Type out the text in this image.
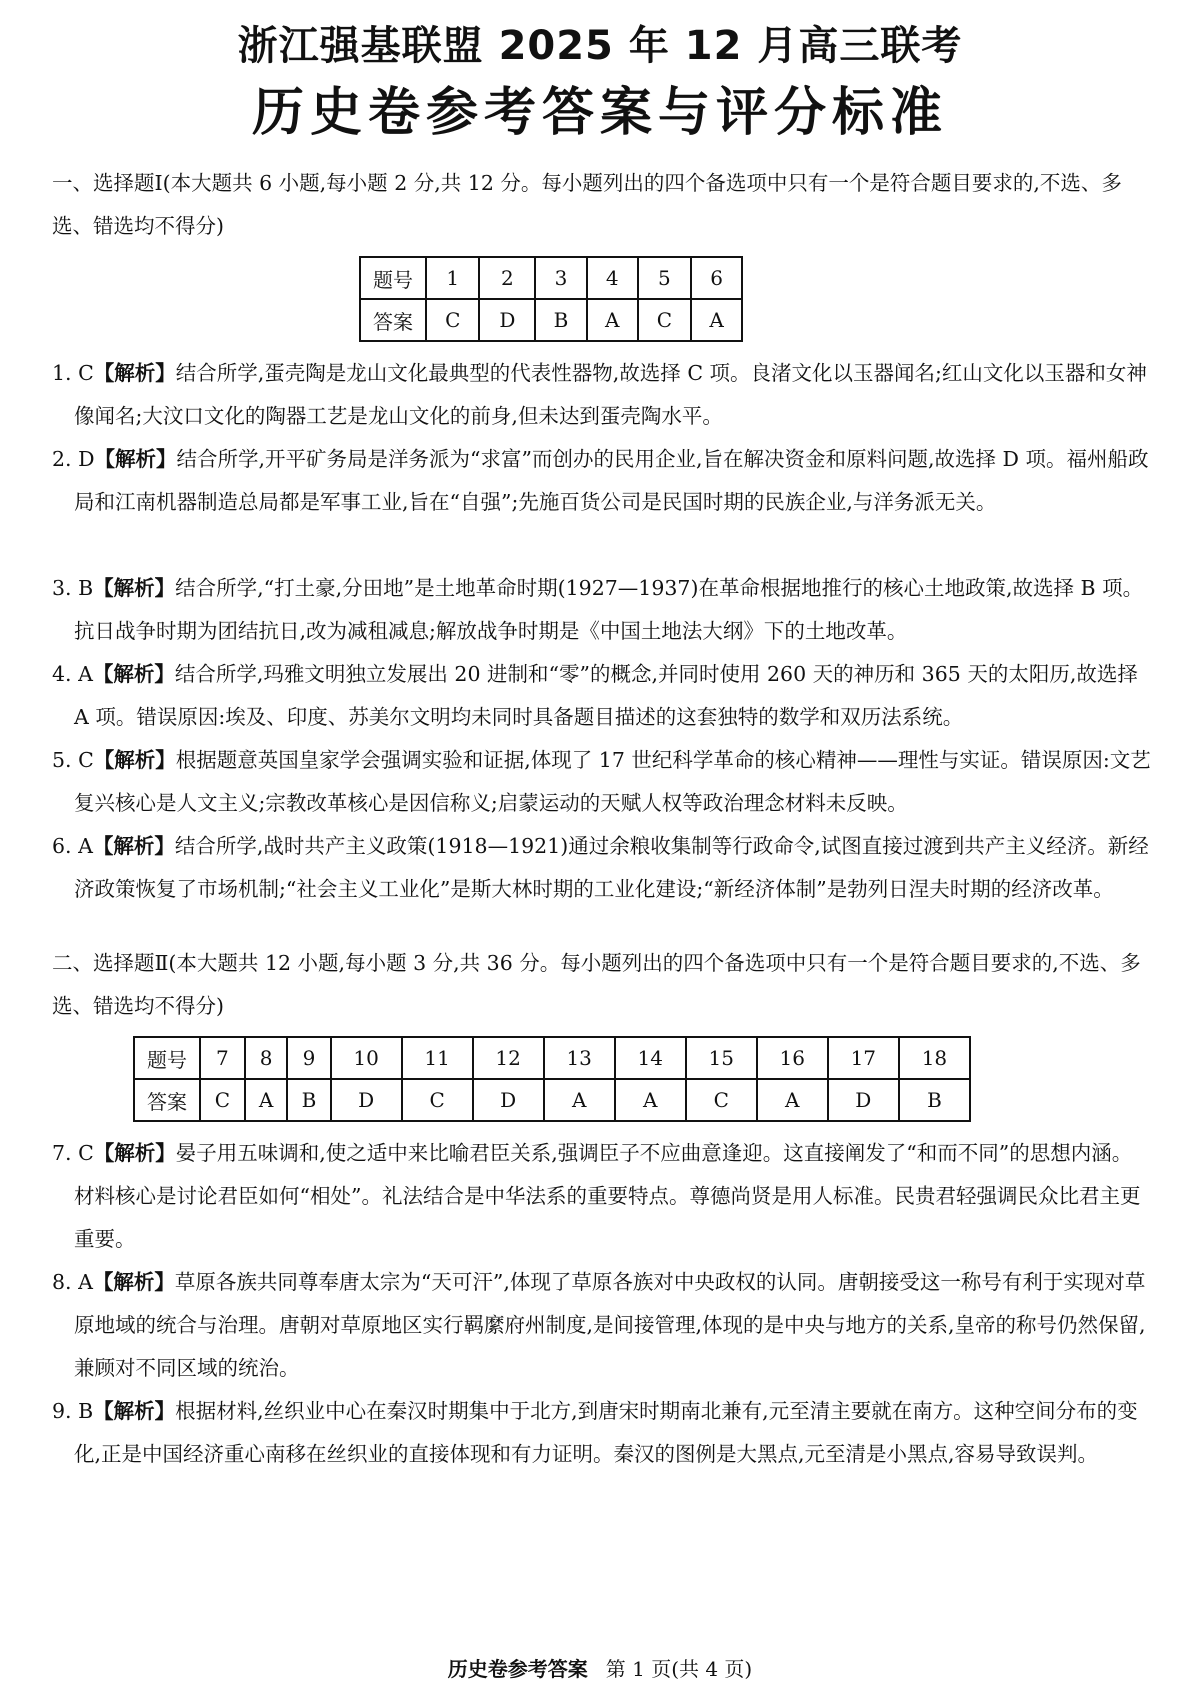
浙江强基联盟 2025 年 12 月高三联考
历史卷参考答案与评分标准
一、选择题Ⅰ(本大题共 6 小题,每小题 2 分,共 12 分。每小题列出的四个备选项中只有一个是符合题目要求的,不选、多选、错选均不得分)
题号	1	2	3	4	5	6
答案	C	D	B	A	C	A
1. C【解析】结合所学,蛋壳陶是龙山文化最典型的代表性器物,故选择 C 项。良渚文化以玉器闻名;红山文化以玉器和女神像闻名;大汶口文化的陶器工艺是龙山文化的前身,但未达到蛋壳陶水平。
2. D【解析】结合所学,开平矿务局是洋务派为“求富”而创办的民用企业,旨在解决资金和原料问题,故选择 D 项。福州船政局和江南机器制造总局都是军事工业,旨在“自强”;先施百货公司是民国时期的民族企业,与洋务派无关。
3. B【解析】结合所学,“打土豪,分田地”是土地革命时期(1927—1937)在革命根据地推行的核心土地政策,故选择 B 项。抗日战争时期为团结抗日,改为减租减息;解放战争时期是《中国土地法大纲》下的土地改革。
4. A【解析】结合所学,玛雅文明独立发展出 20 进制和“零”的概念,并同时使用 260 天的神历和 365 天的太阳历,故选择 A 项。错误原因:埃及、印度、苏美尔文明均未同时具备题目描述的这套独特的数学和双历法系统。
5. C【解析】根据题意英国皇家学会强调实验和证据,体现了 17 世纪科学革命的核心精神——理性与实证。错误原因:文艺复兴核心是人文主义;宗教改革核心是因信称义;启蒙运动的天赋人权等政治理念材料未反映。
6. A【解析】结合所学,战时共产主义政策(1918—1921)通过余粮收集制等行政命令,试图直接过渡到共产主义经济。新经济政策恢复了市场机制;“社会主义工业化”是斯大林时期的工业化建设;“新经济体制”是勃列日涅夫时期的经济改革。
二、选择题Ⅱ(本大题共 12 小题,每小题 3 分,共 36 分。每小题列出的四个备选项中只有一个是符合题目要求的,不选、多选、错选均不得分)
题号	7	8	9	10	11	12	13	14	15	16	17	18
答案	C	A	B	D	C	D	A	A	C	A	D	B
7. C【解析】晏子用五味调和,使之适中来比喻君臣关系,强调臣子不应曲意逢迎。这直接阐发了“和而不同”的思想内涵。材料核心是讨论君臣如何“相处”。礼法结合是中华法系的重要特点。尊德尚贤是用人标准。民贵君轻强调民众比君主更重要。
8. A【解析】草原各族共同尊奉唐太宗为“天可汗”,体现了草原各族对中央政权的认同。唐朝接受这一称号有利于实现对草原地域的统合与治理。唐朝对草原地区实行羁縻府州制度,是间接管理,体现的是中央与地方的关系,皇帝的称号仍然保留,兼顾对不同区域的统治。
9. B【解析】根据材料,丝织业中心在秦汉时期集中于北方,到唐宋时期南北兼有,元至清主要就在南方。这种空间分布的变化,正是中国经济重心南移在丝织业的直接体现和有力证明。秦汉的图例是大黑点,元至清是小黑点,容易导致误判。
历史卷参考答案 第 1 页(共 4 页)
